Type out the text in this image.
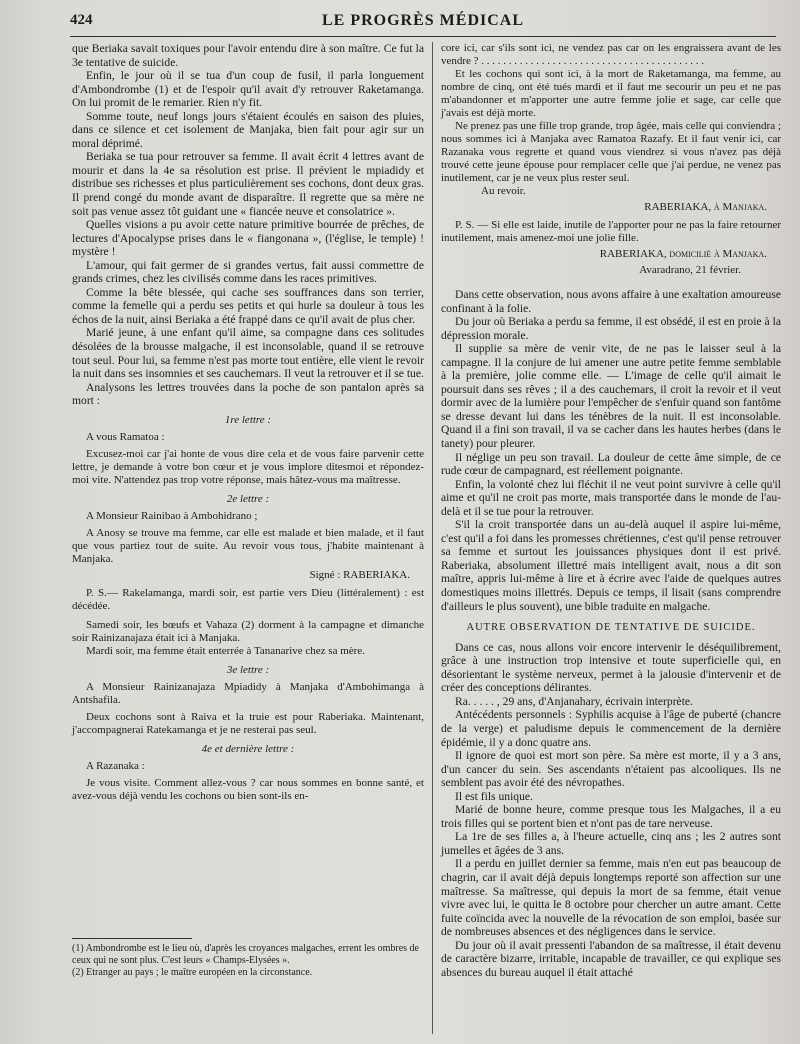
424	LE PROGRÈS MÉDICAL

que Beriaka savait toxiques pour l'avoir entendu dire à son maître. Ce fut la 3e tentative de suicide.

Enfin, le jour où il se tua d'un coup de fusil, il parla longuement d'Ambondrombe (1) et de l'espoir qu'il avait d'y retrouver Raketamanga. On lui promit de le remarier. Rien n'y fit.

Somme toute, neuf longs jours s'étaient écoulés en saison des pluies, dans ce silence et cet isolement de Manjaka, bien fait pour agir sur un moral déprimé.

Beriaka se tua pour retrouver sa femme. Il avait écrit 4 lettres avant de mourir et dans la 4e sa résolution est prise. Il prévient le mpiadidy et distribue ses richesses et plus particulièrement ses cochons, dont deux gras. Il prend congé du monde avant de disparaître. Il regrette que sa mère ne soit pas venue assez tôt guidant une « fiancée neuve et consolatrice ».

Quelles visions a pu avoir cette nature primitive bourrée de prêches, de lectures d'Apocalypse prises dans le « fiangonana », (l'église, le temple) ! mystère !

L'amour, qui fait germer de si grandes vertus, fait aussi commettre de grands crimes, chez les civilisés comme dans les races primitives.

Comme la bête blessée, qui cache ses souffrances dans son terrier, comme la femelle qui a perdu ses petits et qui hurle sa douleur à tous les échos de la nuit, ainsi Beriaka a été frappé dans ce qu'il avait de plus cher.

Marié jeune, à une enfant qu'il aime, sa compagne dans ces solitudes désolées de la brousse malgache, il est inconsolable, quand il se retrouve tout seul. Pour lui, sa femme n'est pas morte tout entière, elle vient le revoir la nuit dans ses insomnies et ses cauchemars. Il veut la retrouver et il se tue.

Analysons les lettres trouvées dans la poche de son pantalon après sa mort :

1re lettre :

A vous Ramatoa :

Excusez-moi car j'ai honte de vous dire cela et de vous faire parvenir cette lettre, je demande à votre bon cœur et je vous implore ditesmoi et répondez-moi vite. N'attendez pas trop votre réponse, mais hâtez-vous ma maîtresse.

2e lettre :

A Monsieur Rainibao à Ambohidrano ;

A Anosy se trouve ma femme, car elle est malade et bien malade, et il faut que vous partiez tout de suite. Au revoir vous tous, j'habite maintenant à Manjaka.

Signé : RABERIAKA.

P. S.— Rakelamanga, mardi soir, est partie vers Dieu (littéralement) : est décédée.

Samedi soir, les bœufs et Vahaza (2) dorment à la campagne et dimanche soir Rainizanajaza était ici à Manjaka.

Mardi soir, ma femme était enterrée à Tananarive chez sa mère.

3e lettre :

A Monsieur Rainizanajaza Mpiadidy à Manjaka d'Ambohimanga à Antshafila.

Deux cochons sont à Raiva et la truie est pour Raberiaka. Maintenant, j'accompagnerai Ratekamanga et je ne resterai pas seul.

4e et dernière lettre :

A Razanaka :

Je vous visite. Comment allez-vous ? car nous sommes en bonne santé, et avez-vous déjà vendu les cochons ou bien sont-ils en-

(1) Ambondrombe est le lieu où, d'après les croyances malgaches, errent les ombres de ceux qui ne sont plus. C'est leurs « Champs-Elysées ».

(2) Etranger au pays ; le maître européen en la circonstance.

core ici, car s'ils sont ici, ne vendez pas car on les engraissera avant de les vendre ? . . . . . . . . . . . . . . . . . . . . . . . . . . . . . . . . . . . . . . . . .

Et les cochons qui sont ici, à la mort de Raketamanga, ma femme, au nombre de cinq, ont été tués mardi et il faut me secourir un peu et ne pas m'abandonner et m'apporter une autre femme jolie et sage, car celle que j'avais est déjà morte.

Ne prenez pas une fille trop grande, trop âgée, mais celle qui conviendra ; nous sommes ici à Manjaka avec Ramatoa Razafy. Et il faut venir ici, car Razanaka vous regrette et quand vous viendrez si vous n'avez pas déjà trouvé cette jeune épouse pour remplacer celle que j'ai perdue, ne venez pas inutilement, car je ne veux plus rester seul.

Au revoir.

RABERIAKA, à Manjaka.

P. S. — Si elle est laide, inutile de l'apporter pour ne pas la faire retourner inutilement, mais amenez-moi une jolie fille.

RABERIAKA, domicilié à Manjaka.

Avaradrano, 21 février.

Dans cette observation, nous avons affaire à une exaltation amoureuse confinant à la folie.

Du jour où Beriaka a perdu sa femme, il est obsédé, il est en proie à la dépression morale.

Il supplie sa mère de venir vite, de ne pas le laisser seul à la campagne. Il la conjure de lui amener une autre petite femme semblable à la première, jolie comme elle. — L'image de celle qu'il aimait le poursuit dans ses rêves ; il a des cauchemars, il croit la revoir et il veut dormir avec de la lumière pour l'empêcher de s'enfuir quand son fantôme se dresse devant lui dans les ténèbres de la nuit. Il est inconsolable. Quand il a fini son travail, il va se cacher dans les hautes herbes (dans le tanety) pour pleurer.

Il néglige un peu son travail. La douleur de cette âme simple, de ce rude cœur de campagnard, est réellement poignante.

Enfin, la volonté chez lui fléchit il ne veut point survivre à celle qu'il aime et qu'il ne croit pas morte, mais transportée dans le monde de l'au-delà et il se tue pour la retrouver.

S'il la croit transportée dans un au-delà auquel il aspire lui-même, c'est qu'il a foi dans les promesses chrétiennes, c'est qu'il pense retrouver sa femme et surtout les jouissances physiques dont il est privé. Raberiaka, absolument illettré mais intelligent avait, nous a dit son maître, appris lui-même à lire et à écrire avec l'aide de quelques autres domestiques moins illettrés. Depuis ce temps, il lisait (sans comprendre d'ailleurs le plus souvent), une bible traduite en malgache.

AUTRE OBSERVATION DE TENTATIVE DE SUICIDE.

Dans ce cas, nous allons voir encore intervenir le déséquilibrement, grâce à une instruction trop intensive et toute superficielle qui, en désorientant le système nerveux, permet à la jalousie d'intervenir et de créer des conceptions délirantes.

Ra. . . . . , 29 ans, d'Anjanahary, écrivain interprète.

Antécédents personnels : Syphilis acquise à l'âge de puberté (chancre de la verge) et paludisme depuis le commencement de la dernière épidémie, il y a donc quatre ans.

Il ignore de quoi est mort son père. Sa mère est morte, il y a 3 ans, d'un cancer du sein. Ses ascendants n'étaient pas alcooliques. Ils ne semblent pas avoir été des névropathes.

Il est fils unique.

Marié de bonne heure, comme presque tous les Malgaches, il a eu trois filles qui se portent bien et n'ont pas de tare nerveuse.

La 1re de ses filles a, à l'heure actuelle, cinq ans ; les 2 autres sont jumelles et âgées de 3 ans.

Il a perdu en juillet dernier sa femme, mais n'en eut pas beaucoup de chagrin, car il avait déjà depuis longtemps reporté son affection sur une maîtresse. Sa maîtresse, qui depuis la mort de sa femme, était venue vivre avec lui, le quitta le 8 octobre pour chercher un autre amant. Cette fuite coïncida avec la nouvelle de la révocation de son emploi, basée sur de nombreuses absences et des négligences dans le service.

Du jour où il avait pressenti l'abandon de sa maîtresse, il était devenu de caractère bizarre, irritable, incapable de travailler, ce qui explique ses absences du bureau auquel il était attaché
